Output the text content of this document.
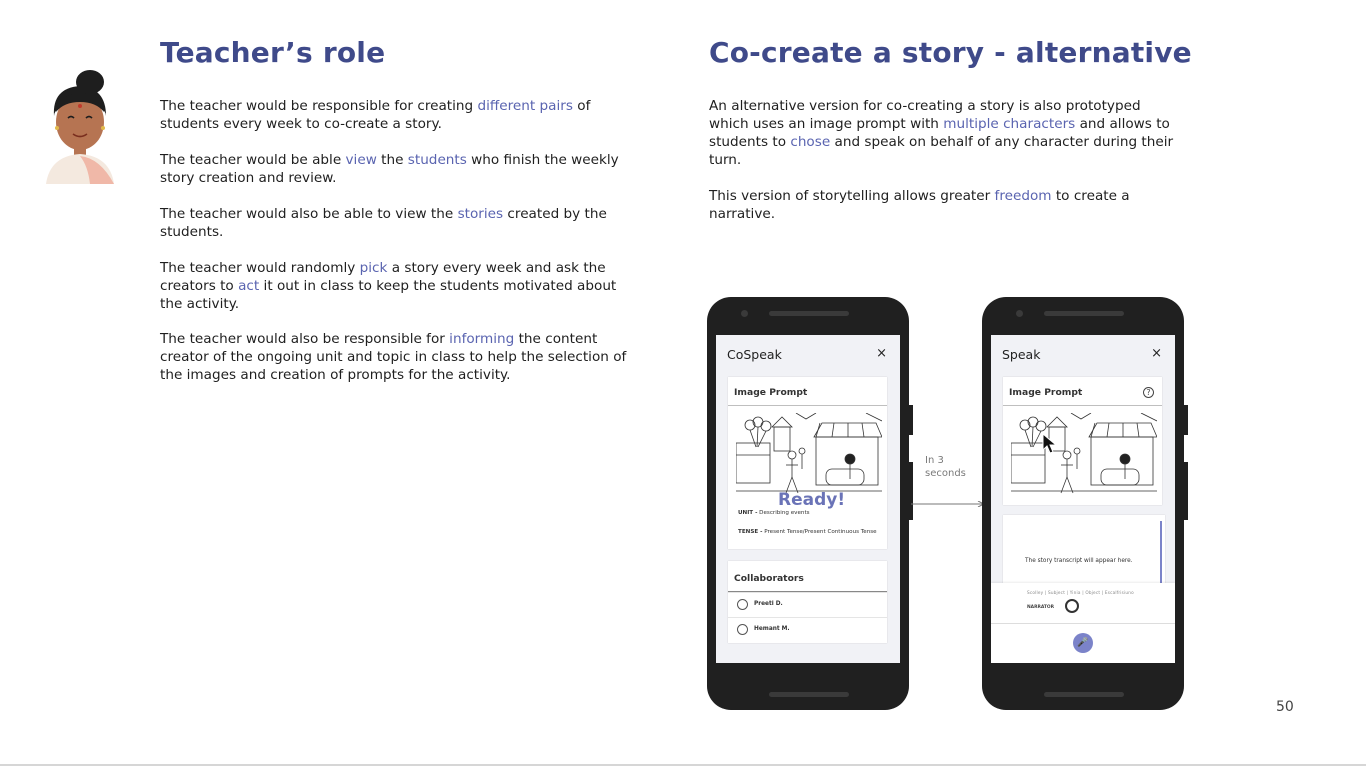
Teacher’s role
The teacher would be responsible for creating different pairs of students every week to co-create a story.
The teacher would be able view the students who finish the weekly story creation and review.
The teacher would also be able to view the stories created by the students.
The teacher would randomly pick a story every week and ask the creators to act it out in class to keep the students motivated about the activity.
The teacher would also be responsible for informing the content creator of the ongoing unit and topic in class to help the selection of the images and creation of prompts for the activity.
Co-create a story - alternative
An alternative version for co-creating a story is also prototyped which uses an image prompt with multiple characters and allows to students to chose and speak on behalf of any character during their turn.
This version of storytelling allows greater freedom to create a narrative.
CoSpeak	×
Image Prompt
Ready!
UNIT - Describing events
TENSE - Present Tense/Present Continuous Tense
Collaborators
Preeti D.
Hemant M.
In 3
seconds
Speak	×
Image Prompt	?
The story transcript will appear here.
Scolley | Subject | Yinia | Object | Escalfrisiuno
NARRATOR
🎤
50
